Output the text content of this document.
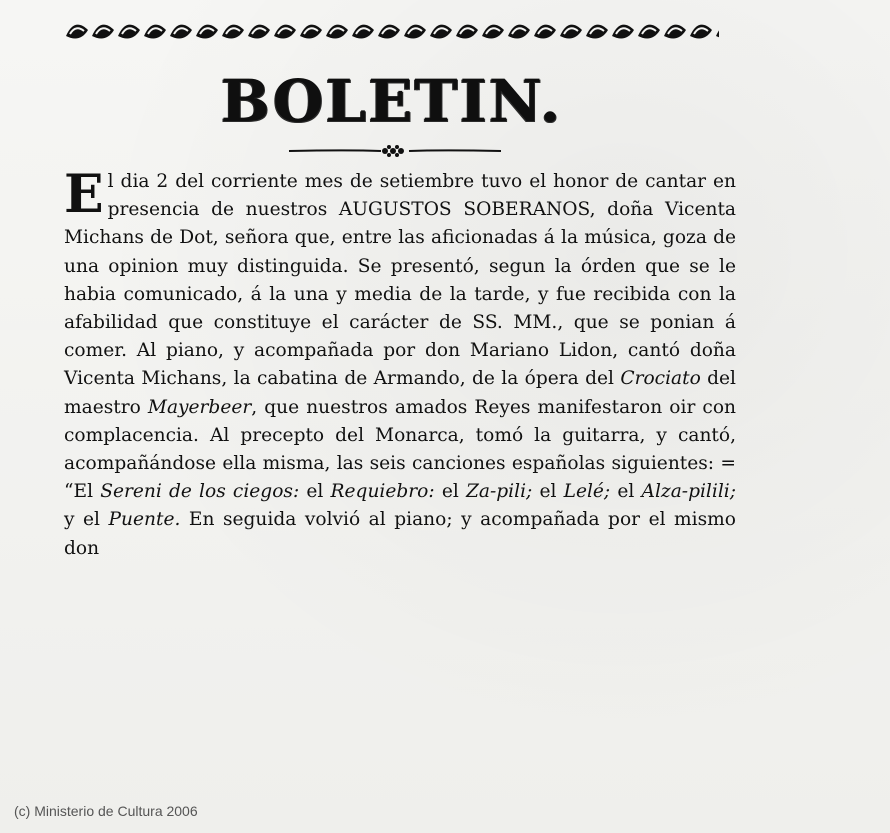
BOLETIN.

E l dia 2 del corriente mes de setiembre tuvo el honor de cantar en presencia de nuestros AUGUSTOS SOBERANOS, doña Vicenta Michans de Dot, señora que, entre las aficionadas á la música, goza de una opinion muy distinguida. Se presentó, segun la órden que se le habia comunicado, á la una y media de la tarde, y fue recibida con la afabilidad que constituye el carácter de SS. MM., que se ponian á comer. Al piano, y acompañada por don Mariano Lidon, cantó doña Vicenta Michans, la cabatina de Armando, de la ópera del Crociato del maestro Mayerbeer, que nuestros amados Reyes manifestaron oir con complacencia. Al precepto del Monarca, tomó la guitarra, y cantó, acompañándose ella misma, las seis canciones españolas siguientes: = “El Sereni de los ciegos: el Requiebro: el Za-pili; el Lelé; el Alza-pilili; y el Puente. En seguida volvió al piano; y acompañada por el mismo don

(c) Ministerio de Cultura 2006
